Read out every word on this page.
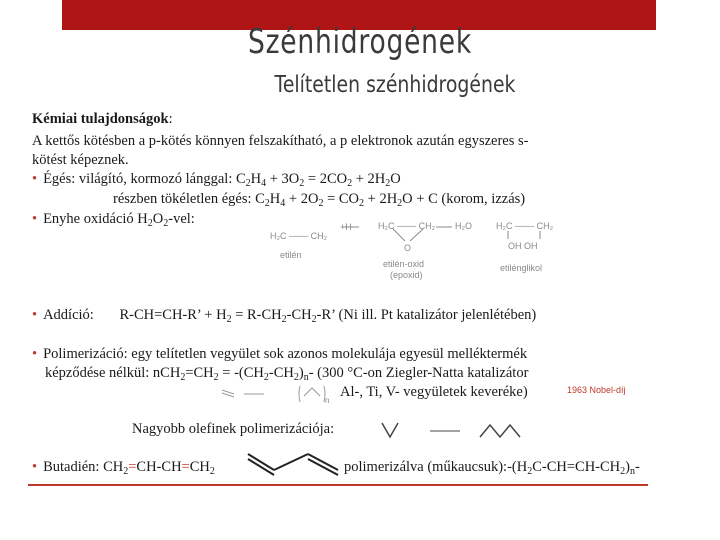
Szénhidrogének
Telítetlen szénhidrogének
Kémiai tulajdonságok:
A kettős kötésben a p-kötés könnyen felszakítható, a p elektronok azután egyszeres s-
kötést képeznek.
• Égés: világító, kormozó lánggal: $C_2H_4 + 3O_2 = 2CO_2 + 2H_2O$
részben tökéletlen égés: $C_2H_4 + 2O_2 = CO_2 + 2H_2O + C$ (korom, izzás)
• Enyhe oxidáció $H_2O_2$-vel:
H₂C ─── CH₂
etilén
+H	H₂C ─── CH₂
O
etilén-oxid
(epoxid)
H₂O	H₂C ─── CH₂
OH OH
etilénglikol
• Addíció: R-CH=CH-R’ + $H_2 = R-CH_2-CH_2-R$’ (Ni ill. Pt katalizátor jelenlétében)
• Polimerizáció: egy telítetlen vegyület sok azonos molekulája egyesül melléktermék
képződése nélkül: $nCH_2=CH_2 = -(CH_2-CH_2)_n-$ (300 °C-on Ziegler-Natta katalizátor
Al-, Ti, V- vegyületek keveréke)	1963 Nobel-díj
n
Nagyobb olefinek polimerizációja:
• Butadién: $CH_2=CH-CH=CH_2$	polimerizálva $(műkaucsuk):-(H_2C-CH=CH-CH_2)_n-$
